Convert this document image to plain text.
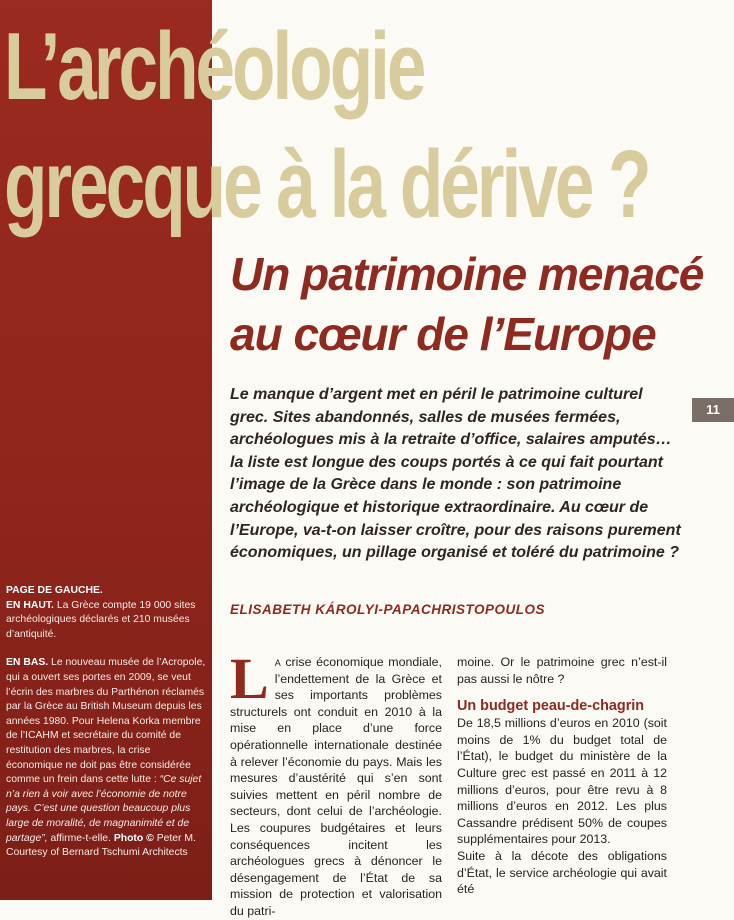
L’archéologie
grecque à la dérive ?
Un patrimoine menacé
au cœur de l’Europe

Le manque d’argent met en péril le patrimoine culturel grec. Sites abandonnés, salles de musées fermées, archéologues mis à la retraite d’office, salaires amputés… la liste est longue des coups portés à ce qui fait pourtant l’image de la Grèce dans le monde : son patrimoine archéologique et historique extraordinaire. Au cœur de l’Europe, va-t-on laisser croître, pour des raisons purement économiques, un pillage organisé et toléré du patrimoine ?

ELISABETH KÁROLYI-PAPACHRISTOPOULOS

11

PAGE DE GAUCHE.

EN HAUT. La Grèce compte 19 000 sites archéologiques déclarés et 210 musées d’antiquité.

EN BAS. Le nouveau musée de l’Acropole, qui a ouvert ses portes en 2009, se veut l’écrin des marbres du Parthénon réclamés par la Grèce au British Museum depuis les années 1980. Pour Helena Korka membre de l’ICAHM et secrétaire du comité de restitution des marbres, la crise économique ne doit pas être considérée comme un frein dans cette lutte : “Ce sujet n’a rien à voir avec l’économie de notre pays. C’est une question beaucoup plus large de moralité, de magnanimité et de partage”, affirme-t-elle. Photo © Peter M. Courtesy of Bernard Tschumi Architects

La crise économique mondiale, l’endettement de la Grèce et ses importants problèmes structurels ont conduit en 2010 à la mise en place d’une force opérationnelle internationale destinée à relever l’économie du pays. Mais les mesures d’austérité qui s’en sont suivies mettent en péril nombre de secteurs, dont celui de l’archéologie. Les coupures budgétaires et leurs conséquences incitent les archéologues grecs à dénoncer le désengagement de l’État de sa mission de protection et valorisation du patri-

moine. Or le patrimoine grec n’est-il pas aussi le nôtre ?

Un budget peau-de-chagrin

De 18,5 millions d’euros en 2010 (soit moins de 1% du budget total de l’État), le budget du ministère de la Culture grec est passé en 2011 à 12 millions d’euros, pour être revu à 8 millions d’euros en 2012. Les plus Cassandre prédisent 50% de coupes supplémentaires pour 2013.

Suite à la décote des obligations d’État, le service archéologie qui avait été
